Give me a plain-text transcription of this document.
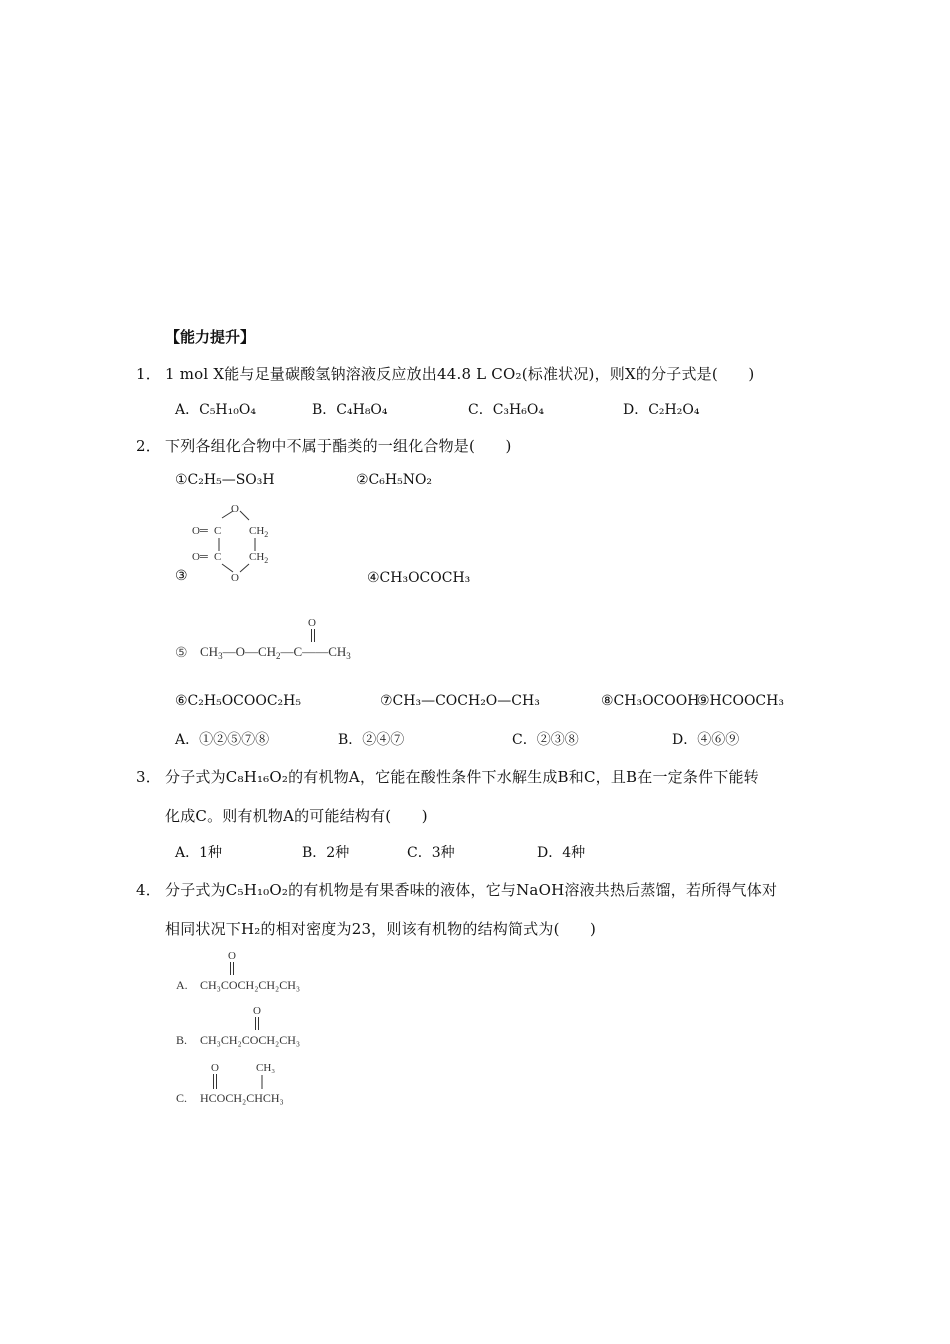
【能力提升】
1． 1 mol X能与足量碳酸氢钠溶液反应放出44.8 L CO₂(标准状况)，则X的分子式是(　　)
A．C₅H₁₀O₄	B．C₄H₈O₄	C．C₃H₆O₄	D．C₂H₂O₄
2． 下列各组化合物中不属于酯类的一组化合物是(　　)
①C₂H₅—SO₃H	②C₆H₅NO₂
O
O═ C	$CH_2$
O═ C	$CH_2$
O
③	④CH₃OCOCH₃
⑤
O
$CH_3—O—CH_2—C——CH_3$
⑥C₂H₅OCOOC₂H₅	⑦CH₃—COCH₂O—CH₃	⑧CH₃OCOOH
⑨HCOOCH₃
A．①②⑤⑦⑧	B．②④⑦	C．②③⑧	D．④⑥⑨
3． 分子式为C₈H₁₆O₂的有机物A，它能在酸性条件下水解生成B和C，且B在一定条件下能转
化成C。则有机物A的可能结构有(　　)
A．1种	B．2种	C．3种	D．4种
4． 分子式为C₅H₁₀O₂的有机物是有果香味的液体，它与NaOH溶液共热后蒸馏，若所得气体对
相同状况下H₂的相对密度为23，则该有机物的结构简式为(　　)
O
A. CH₃COCH₂CH₂CH₃
O
B. CH₃CH₂COCH₂CH₃
O	CH₃
C. HCOCH₂CHCH₃
